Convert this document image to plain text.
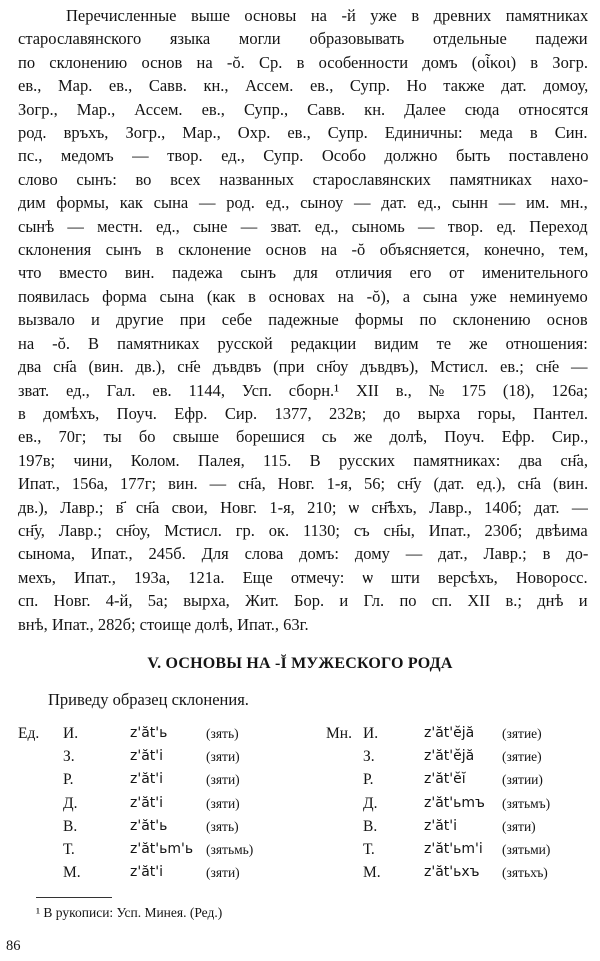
Перечисленные выше основы на -й уже в древних памятниках
старославянского языка могли образовывать отдельные падежи
по склонению основ на -ŏ. Ср. в особенности домъ (οἶκοι) в Зогр.
ев., Мар. ев., Савв. кн., Ассем. ев., Супр. Но также дат. домоу,
Зогр., Мар., Ассем. ев., Супр., Савв. кн. Далее сюда относятся
род. връхъ, Зогр., Мар., Охр. ев., Супр. Единичны: меда в Син.
пс., медомъ — твор. ед., Супр. Особо должно быть поставлено
слово сынъ: во всех названных старославянских памятниках нахо-
дим формы, как сына — род. ед., сыноу — дат. ед., сынн — им. мн.,
сынѣ — местн. ед., сыне — зват. ед., сыномь — твор. ед. Переход
склонения сынъ в склонение основ на -ŏ объясняется, конечно, тем,
что вместо вин. падежа сынъ для отличия его от именительного
появилась форма сына (как в основах на -ŏ), а сына уже неминуемо
вызвало и другие при себе падежные формы по склонению основ
на -ŏ. В памятниках русской редакции видим те же отношения:
два сн҃а (вин. дв.), сн҃е дъвдвъ (при сн҃оу дъвдвъ), Мстисл. ев.; сн҃е —
зват. ед., Гал. ев. 1144, Усп. сборн.¹ XII в., № 175 (18), 126а;
в домѣхъ, Поуч. Ефр. Сир. 1377, 232в; до вырха горы, Пантел.
ев., 70г; ты бо свыше борешися сь же долѣ, Поуч. Ефр. Сир.,
197в; чини, Колом. Палея, 115. В русских памятниках: два сн҃а,
Ипат., 156а, 177г; вин. — сн҃а, Новг. 1-я, 56; сн҃у (дат. ед.), сн҃а (вин.
дв.), Лавр.; в҃ сн҃а свои, Новг. 1-я, 210; ѡ сн҃ѣхъ, Лавр., 140б; дат. —
сн҃у, Лавр.; сн҃оу, Мстисл. гр. ок. 1130; съ сн҃ы, Ипат., 230б; двѣима
сынома, Ипат., 245б. Для слова домъ: дому — дат., Лавр.; в до-
мехъ, Ипат., 193а, 121а. Еще отмечу: ѡ шти версѣхъ, Новоросс.
сп. Новг. 4-й, 5а; вырха, Жит. Бор. и Гл. по сп. XII в.; днѣ и
внѣ, Ипат., 282б; стоище долѣ, Ипат., 63г.
V. ОСНОВЫ НА -Ĭ МУЖЕСКОГО РОДА
Приведу образец склонения.
Ед. И.	z'ăt'ь	(зять)
З.	z'ăt'i	(зяти)
Р.	z'ăt'i	(зяти)
Д.	z'ăt'i	(зяти)
В.	z'ăt'ь	(зять)
Т.	z'ăt'ьm'ь (зятьмь)
М.	z'ăt'i	(зяти)
Мн. И.	z'ăt'ĕjă (зятие)
З.	z'ăt'ĕjă (зятие)
Р.	z'ăt'ĕĭ	(зятии)
Д.	z'ăt'ьmъ (зятьмъ)
В.	z'ăt'i	(зяти)
Т.	z'ăt'ьm'i (зятьми)
М.	z'ăt'ьхъ (зятьхъ)
¹ В рукописи: Усп. Минея. (Ред.)
86
